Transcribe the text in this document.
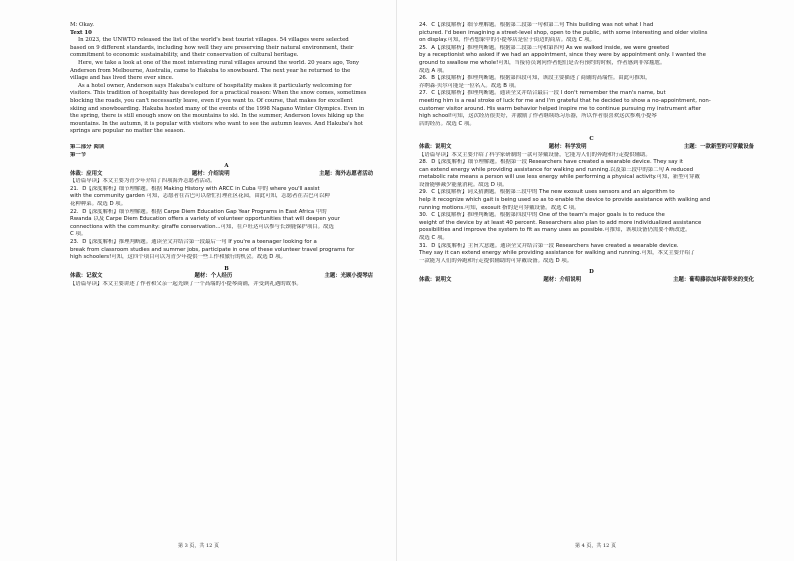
M: Okay.
Text 10
In 2023, the UNWTO released the list of the world's best tourist villages. 54 villages were selected
based on 9 different standards, including how well they are preserving their natural environment, their
commitment to economic sustainability, and their conservation of cultural heritage.
Here, we take a look at one of the most interesting rural villages around the world. 20 years ago, Tony
Anderson from Melbourne, Australia, came to Hakuba to snowboard. The next year he returned to the
village and has lived there ever since.
As a hotel owner, Anderson says Hakuba's culture of hospitality makes it particularly welcoming for
visitors. This tradition of hospitality has developed for a practical reason: When the snow comes, sometimes
blocking the roads, you can't necessarily leave, even if you want to. Of course, that makes for excellent
skiing and snowboarding. Hakuba hosted many of the events of the 1998 Nagano Winter Olympics. Even in
the spring, there is still enough snow on the mountains to ski. In the summer, Anderson loves hiking up the
mountains. In the autumn, it is popular with visitors who want to see the autumn leaves. And Hakuba's hot
springs are popular no matter the season.
第二部分 阅读
第一节
A
体裁：应用文	题材：介绍说明	主题：海外志愿者活动
【语篇导读】本文主要为青少年介绍了四项海外志愿者活动。
21．D【深度解析】细节理解题。根据 Making History with ARCC in Cuba 中的 where you'll assist
with the community garden 可知，志愿者在古巴可以帮忙打理社区花园，由此可知，志愿者在古巴可以种
花种种菜。故选 D 项。
22．D【深度解析】细节理解题。根据 Carpe Diem Education Gap Year Programs in East Africa 中的
Rwanda 以及 Carpe Diem Education offers a variety of volunteer opportunities that will deepen your
connections with the community: giraffe conservation...可知，在卢旺达可以参与长颈鹿保护项目。故选
C 项。
23．D【深度解析】推理判断题。通读全文并结合第一段最后一句 If you're a teenager looking for a
break from classroom studies and summer jobs, participate in one of these volunteer travel programs for
high schoolers!可知，这四个项目可以为青少年提供一些工作和旅行的机会。故选 D 项。
B
体裁：记叙文	题材：个人经历	主题：光顾小提琴店
【语篇导读】本文主要讲述了作者和父亲一起光顾了一个高端的小提琴商铺，并受到礼遇的故事。
第 3 页，共 12 页
24．C【深度解析】细节理解题。根据第二段第一句和第二句 This building was not what I had
pictured. I'd been imagining a street-level shop, open to the public, with some interesting and older violins
on display.可知，作者想象中的小提琴店是位于街边的商店。故选 C 项。
25．A【深度解析】推理判断题。根据第二段第三句和第四句 As we walked inside, we were greeted
by a receptionist who asked if we had an appointment, since they were by appointment only. I wanted the
ground to swallow me whole!可知，当接待员询问作者他们是否有预约的时候，作者感到非常尴尬。
故选 A 项。
26．B【深度解析】推理判断题。根据第四段可知，该段主要描述了商铺的高端性。由此可推知，
乔纳森·贝尔可能是一位名人。故选 B 项。
27．C【深度解析】推理判断题。通读全文并结合最后一段 I don't remember the man's name, but
meeting him is a real stroke of luck for me and I'm grateful that he decided to show a no-appointment, non-
customer visitor around. His warm behavior helped inspire me to continue pursuing my instrument after
high school!可知，这次经历很美好，并激励了作者继续练习乐器，所以作者很喜欢这次参观小提琴
店的经历。故选 C 项。
C
体裁：说明文	题材：科学发明	主题：一款新型的可穿戴设备
【语篇导读】本文主要介绍了科学家研制的一款可穿戴设备，它能为人们的奔跑和行走提供辅助。
28．D【深度解析】细节理解题。根据第一段 Researchers have created a wearable device. They say it
can extend energy while providing assistance for walking and running.以及第三段中的第二句 A reduced
metabolic rate means a person will use less energy while performing a physical activity.可知，新型可穿戴
设备能够减少能量消耗。故选 D 项。
29．C【深度解析】词义猜测题。根据第三段中的 The new exosuit uses sensors and an algorithm to
help it recognize which gait is being used so as to enable the device to provide assistance with walking and
running motions.可知，exosuit 指的是可穿戴设备。故选 C 项。
30．C【深度解析】推理判断题。根据第四段中的 One of the team's major goals is to reduce the
weight of the device by at least 40 percent. Researchers also plan to add more individualized assistance
possibilities and improve the system to fit as many uses as possible.可推知，该项设备仍需要不断改进。
故选 C 项。
31．D【深度解析】主旨大意题。通读全文并结合第一段 Researchers have created a wearable device.
They say it can extend energy while providing assistance for walking and running.可知，本文主要介绍了
一款能为人们的奔跑和行走提供辅助的可穿戴设备。故选 D 项。
D
体裁：说明文	题材：介绍说明	主题：葡萄藤添加坏菌带来的变化
第 4 页，共 12 页
